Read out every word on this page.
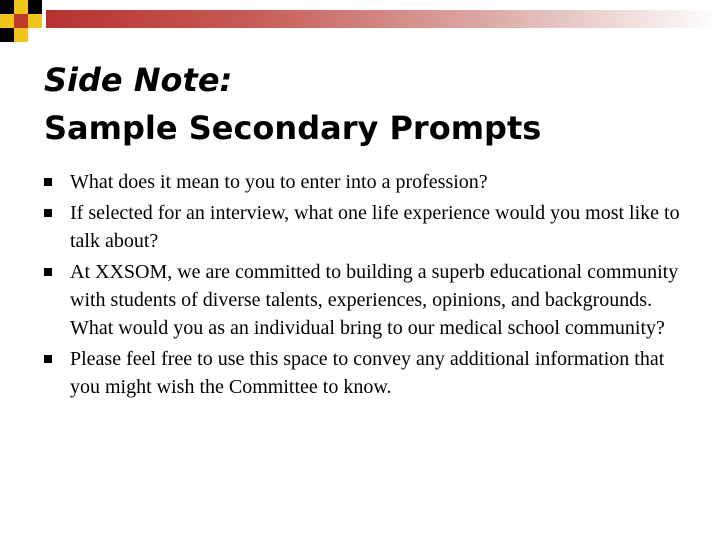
Side Note:
Sample Secondary Prompts
What does it mean to you to enter into a profession?
If selected for an interview, what one life experience would you most like to talk about?
At XXSOM, we are committed to building a superb educational community with students of diverse talents, experiences, opinions, and backgrounds. What would you as an individual bring to our medical school community?
Please feel free to use this space to convey any additional information that you might wish the Committee to know.
